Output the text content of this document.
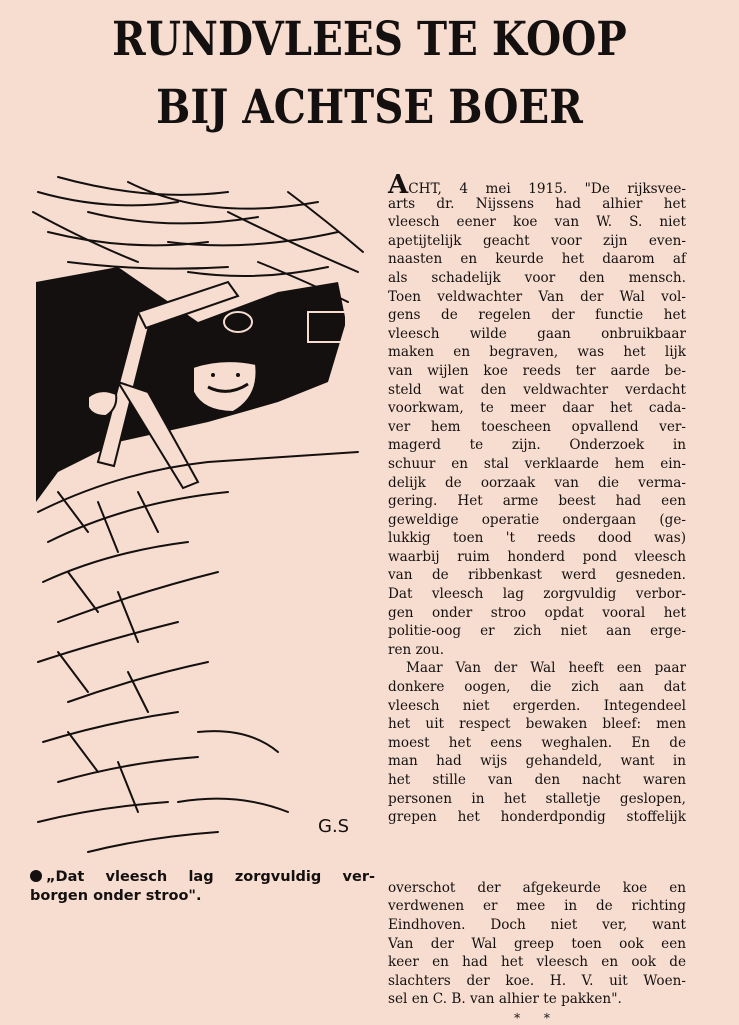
RUNDVLEES TE KOOP
BIJ ACHTSE BOER
G.S
„Dat vleesch lag zorgvuldig ver-
borgen onder stroo".
ACHT, 4 mei 1915. "De rijksvee-
arts dr. Nijssens had alhier het
vleesch eener koe van W. S. niet
apetijtelijk geacht voor zijn even-
naasten en keurde het daarom af
als schadelijk voor den mensch.
Toen veldwachter Van der Wal vol-
gens de regelen der functie het
vleesch wilde gaan onbruikbaar
maken en begraven, was het lijk
van wijlen koe reeds ter aarde be-
steld wat den veldwachter verdacht
voorkwam, te meer daar het cada-
ver hem toescheen opvallend ver-
magerd te zijn. Onderzoek in
schuur en stal verklaarde hem ein-
delijk de oorzaak van die verma-
gering. Het arme beest had een
geweldige operatie ondergaan (ge-
lukkig toen 't reeds dood was)
waarbij ruim honderd pond vleesch
van de ribbenkast werd gesneden.
Dat vleesch lag zorgvuldig verbor-
gen onder stroo opdat vooral het
politie-oog er zich niet aan erge-
ren zou.
Maar Van der Wal heeft een paar
donkere oogen, die zich aan dat
vleesch niet ergerden. Integendeel
het uit respect bewaken bleef: men
moest het eens weghalen. En de
man had wijs gehandeld, want in
het stille van den nacht waren
personen in het stalletje geslopen,
grepen het honderdpondig stoffelijk
overschot der afgekeurde koe en
verdwenen er mee in de richting
Eindhoven. Doch niet ver, want
Van der Wal greep toen ook een
keer en had het vleesch en ook de
slachters der koe. H. V. uit Woen-
sel en C. B. van alhier te pakken".
* *
